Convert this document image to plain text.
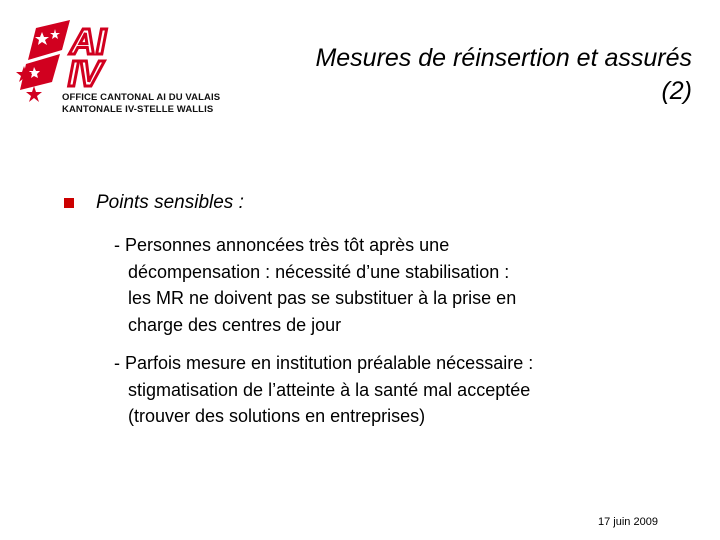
AI
IV
OFFICE CANTONAL AI DU VALAIS
KANTONALE IV-STELLE WALLIS
Mesures de réinsertion et assurés
(2)
Points sensibles :
- Personnes annoncées très tôt après une
décompensation : nécessité d’une stabilisation :
les MR ne doivent pas se substituer à la prise en
charge des centres de jour
- Parfois mesure en institution préalable nécessaire :
stigmatisation de l’atteinte à la santé mal acceptée
(trouver des solutions en entreprises)
17 juin 2009
